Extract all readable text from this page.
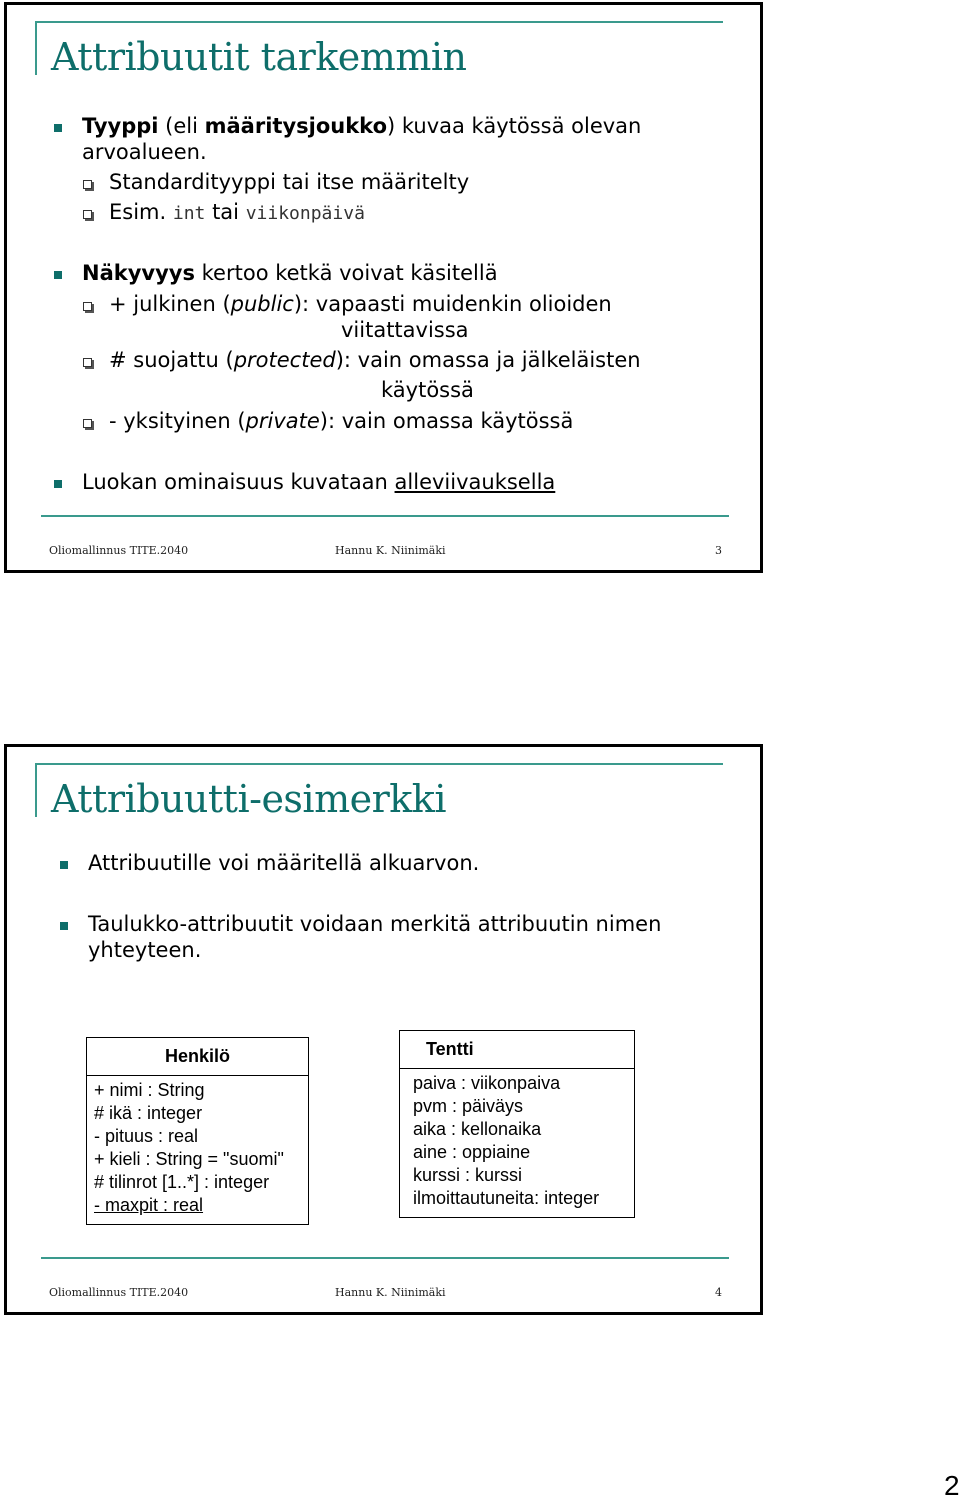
Attribuutit tarkemmin
Tyyppi (eli määritysjoukko) kuvaa käytössä olevan
arvoalueen.
Standardityyppi tai itse määritelty
Esim. int tai viikonpäivä
Näkyvyys kertoo ketkä voivat käsitellä
+ julkinen (public): vapaasti muidenkin olioiden
viitattavissa
# suojattu (protected): vain omassa ja jälkeläisten
käytössä
- yksityinen (private): vain omassa käytössä
Luokan ominaisuus kuvataan alleviivauksella
Oliomallinnus TITE.2040	Hannu K. Niinimäki	3
Attribuutti-esimerkki
Attribuutille voi määritellä alkuarvon.
Taulukko-attribuutit voidaan merkitä attribuutin nimen
yhteyteen.
Henkilö
+ nimi : String
# ikä : integer
- pituus : real
+ kieli : String = "suomi"
# tilinrot [1..*] : integer
- maxpit : real
Tentti
paiva : viikonpaiva
pvm : päiväys
aika : kellonaika
aine : oppiaine
kurssi : kurssi
ilmoittautuneita: integer
Oliomallinnus TITE.2040	Hannu K. Niinimäki	4
2
